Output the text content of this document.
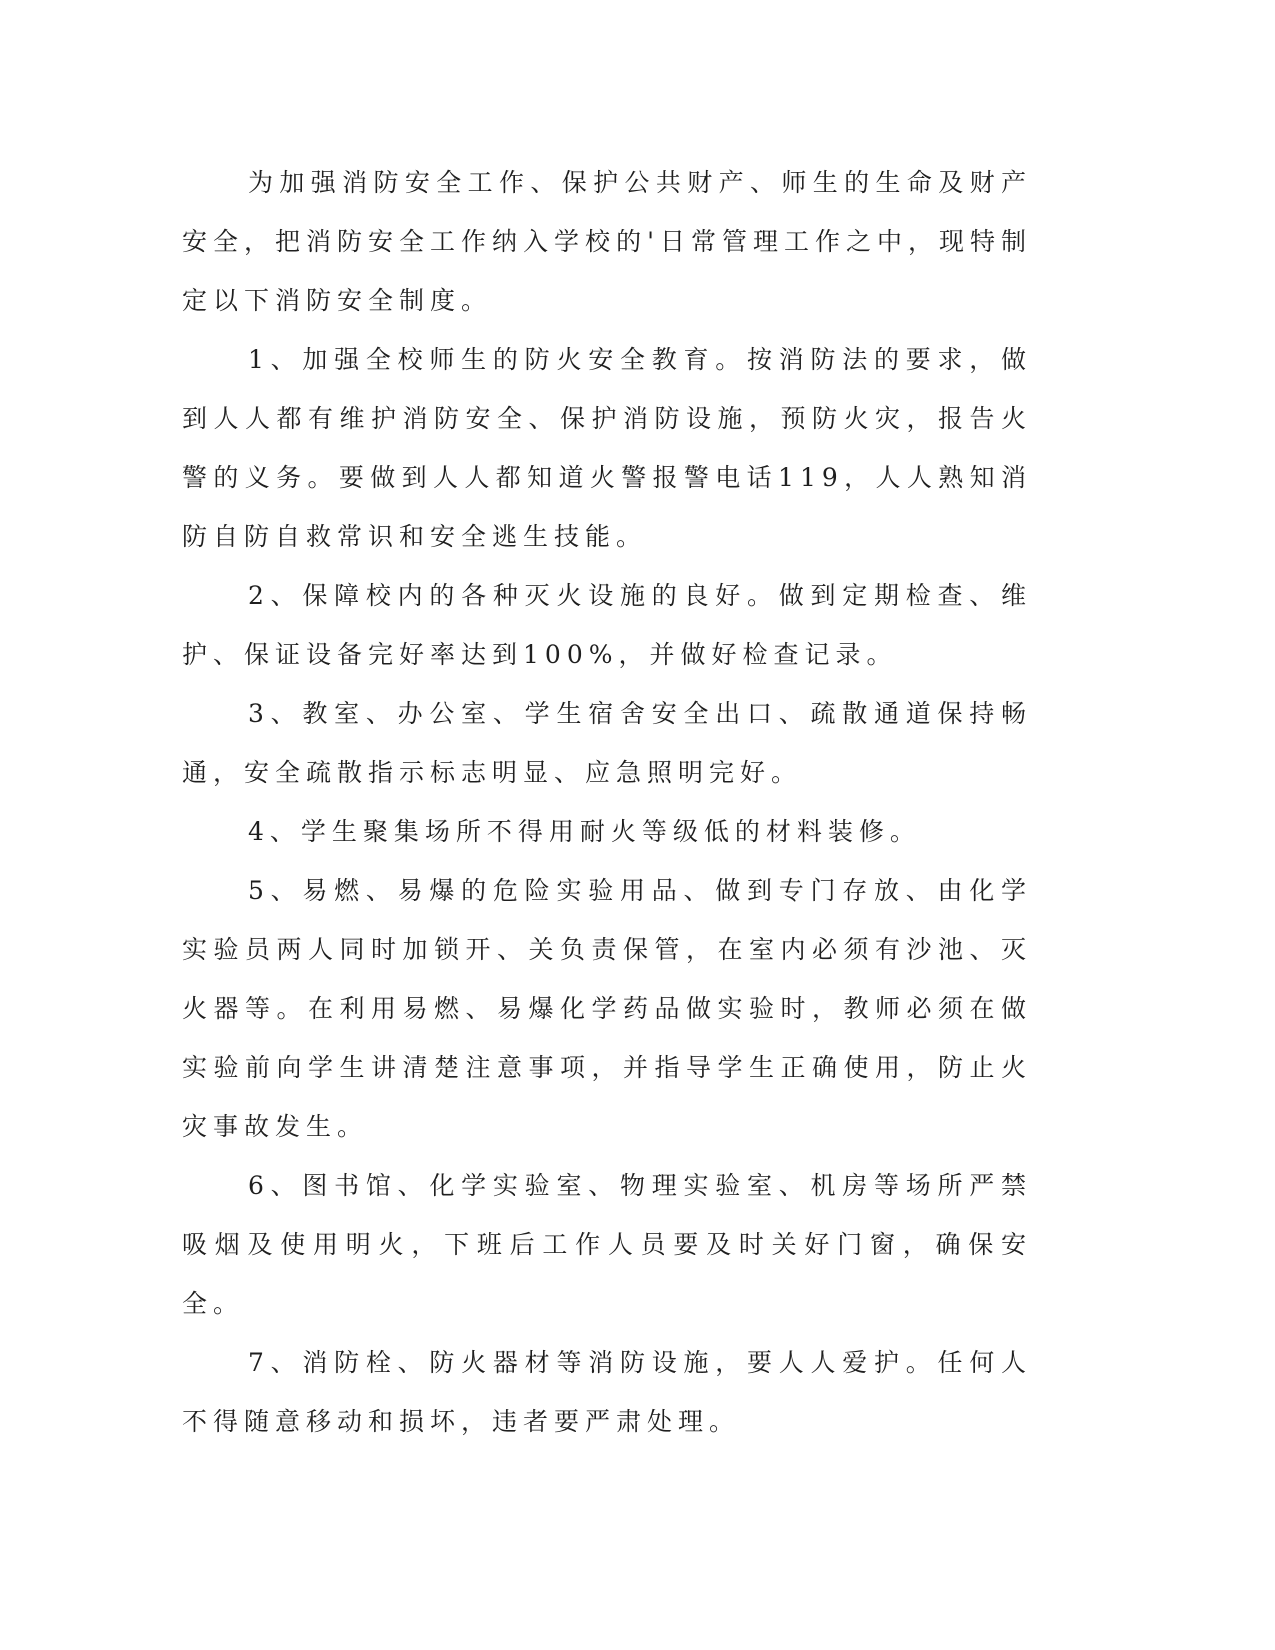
为加强消防安全工作、保护公共财产、师生的生命及财产安全，把消防安全工作纳入学校的'日常管理工作之中，现特制定以下消防安全制度。

1、加强全校师生的防火安全教育。按消防法的要求，做到人人都有维护消防安全、保护消防设施，预防火灾，报告火警的义务。要做到人人都知道火警报警电话119，人人熟知消防自防自救常识和安全逃生技能。

2、保障校内的各种灭火设施的良好。做到定期检查、维护、保证设备完好率达到100%，并做好检查记录。

3、教室、办公室、学生宿舍安全出口、疏散通道保持畅通，安全疏散指示标志明显、应急照明完好。

4、学生聚集场所不得用耐火等级低的材料装修。

5、易燃、易爆的危险实验用品、做到专门存放、由化学实验员两人同时加锁开、关负责保管，在室内必须有沙池、灭火器等。在利用易燃、易爆化学药品做实验时，教师必须在做实验前向学生讲清楚注意事项，并指导学生正确使用，防止火灾事故发生。

6、图书馆、化学实验室、物理实验室、机房等场所严禁吸烟及使用明火，下班后工作人员要及时关好门窗，确保安全。

7、消防栓、防火器材等消防设施，要人人爱护。任何人不得随意移动和损坏，违者要严肃处理。
